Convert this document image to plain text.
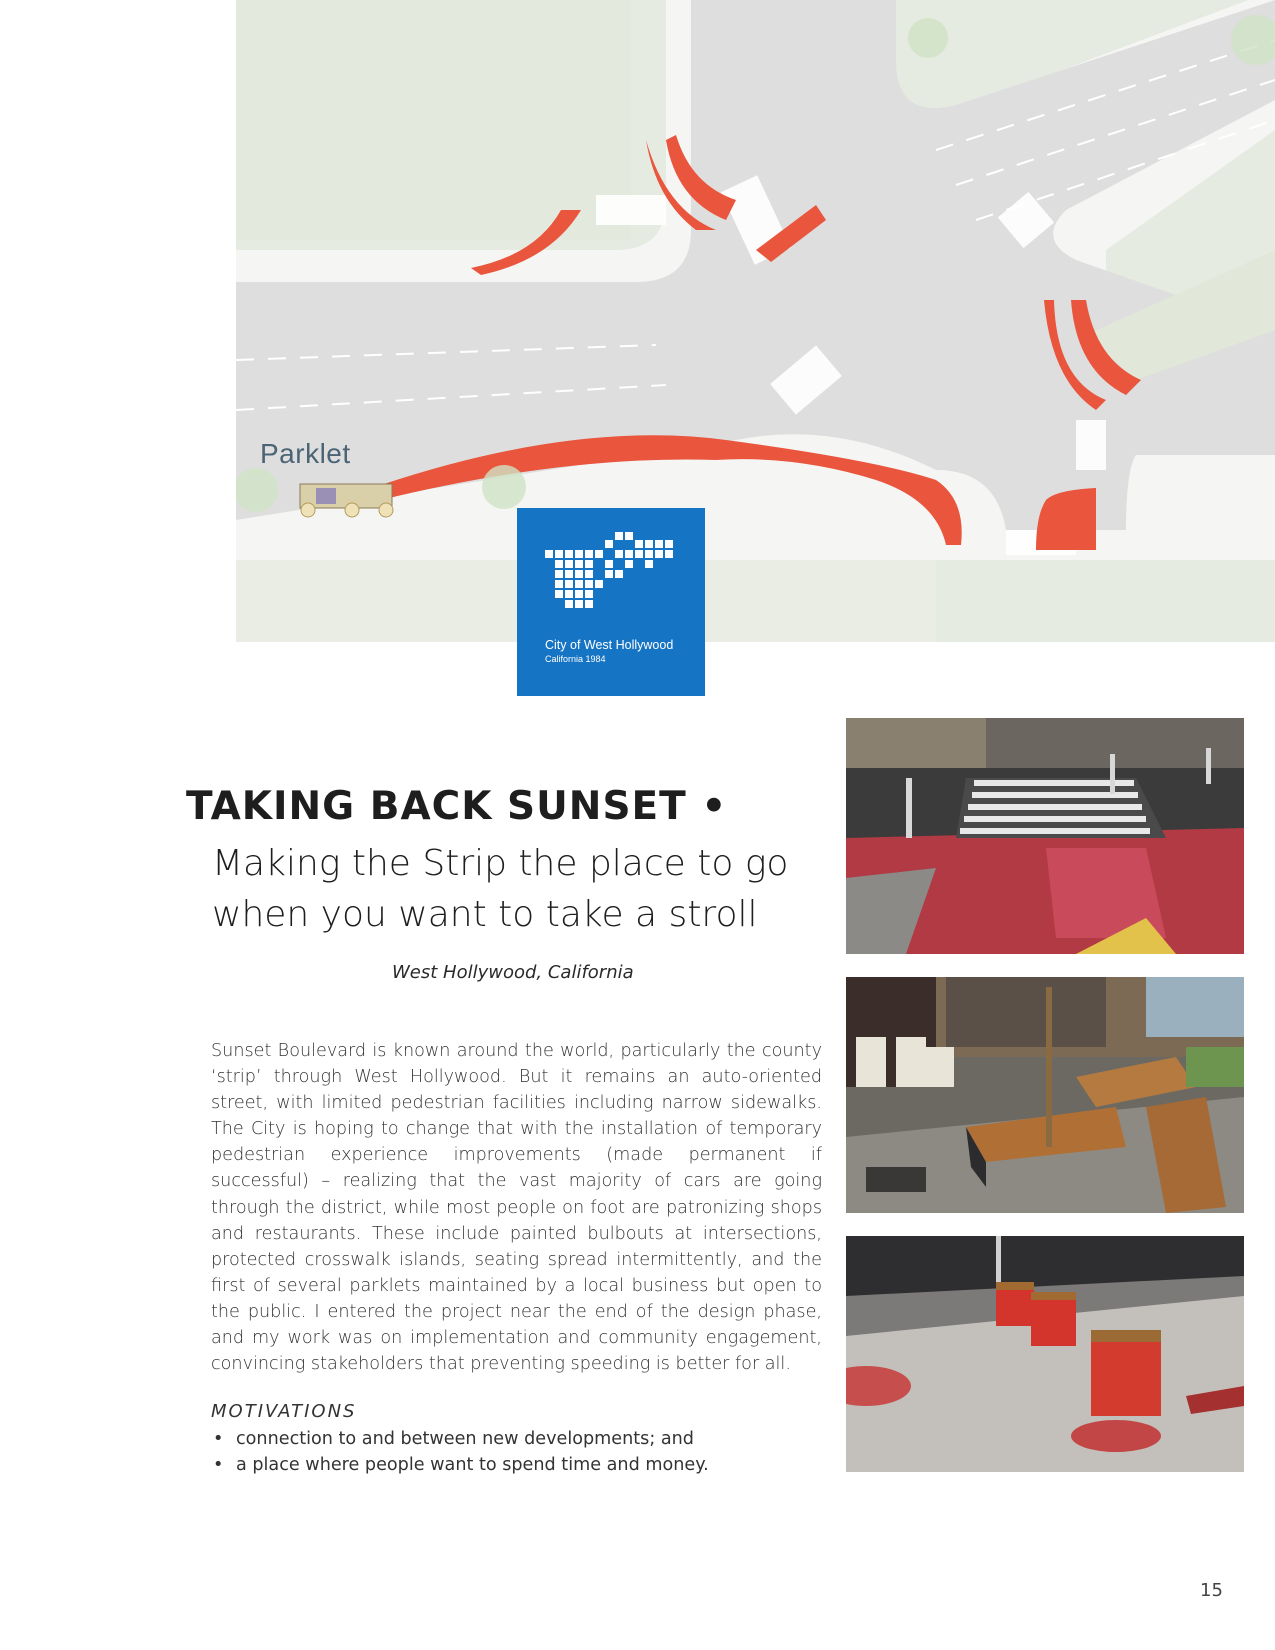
Parklet
City of West Hollywood
California 1984
TAKING BACK SUNSET •
Making the Strip the place to go
when you want to take a stroll
West Hollywood, California
Sunset Boulevard is known around the world, particularly the county ‘strip’ through West Hollywood. But it remains an auto-oriented street, with limited pedestrian facilities including narrow sidewalks. The City is hoping to change that with the installation of temporary pedestrian experience improvements (made permanent if successful) – realizing that the vast majority of cars are going through the district, while most people on foot are patronizing shops and restaurants. These include painted bulbouts at intersections, protected crosswalk islands, seating spread intermittently, and the first of several parklets maintained by a local business but open to the public. I entered the project near the end of the design phase, and my work was on implementation and community engagement, convincing stakeholders that preventing speeding is better for all.
MOTIVATIONS
• connection to and between new developments; and
• a place where people want to spend time and money.
15
